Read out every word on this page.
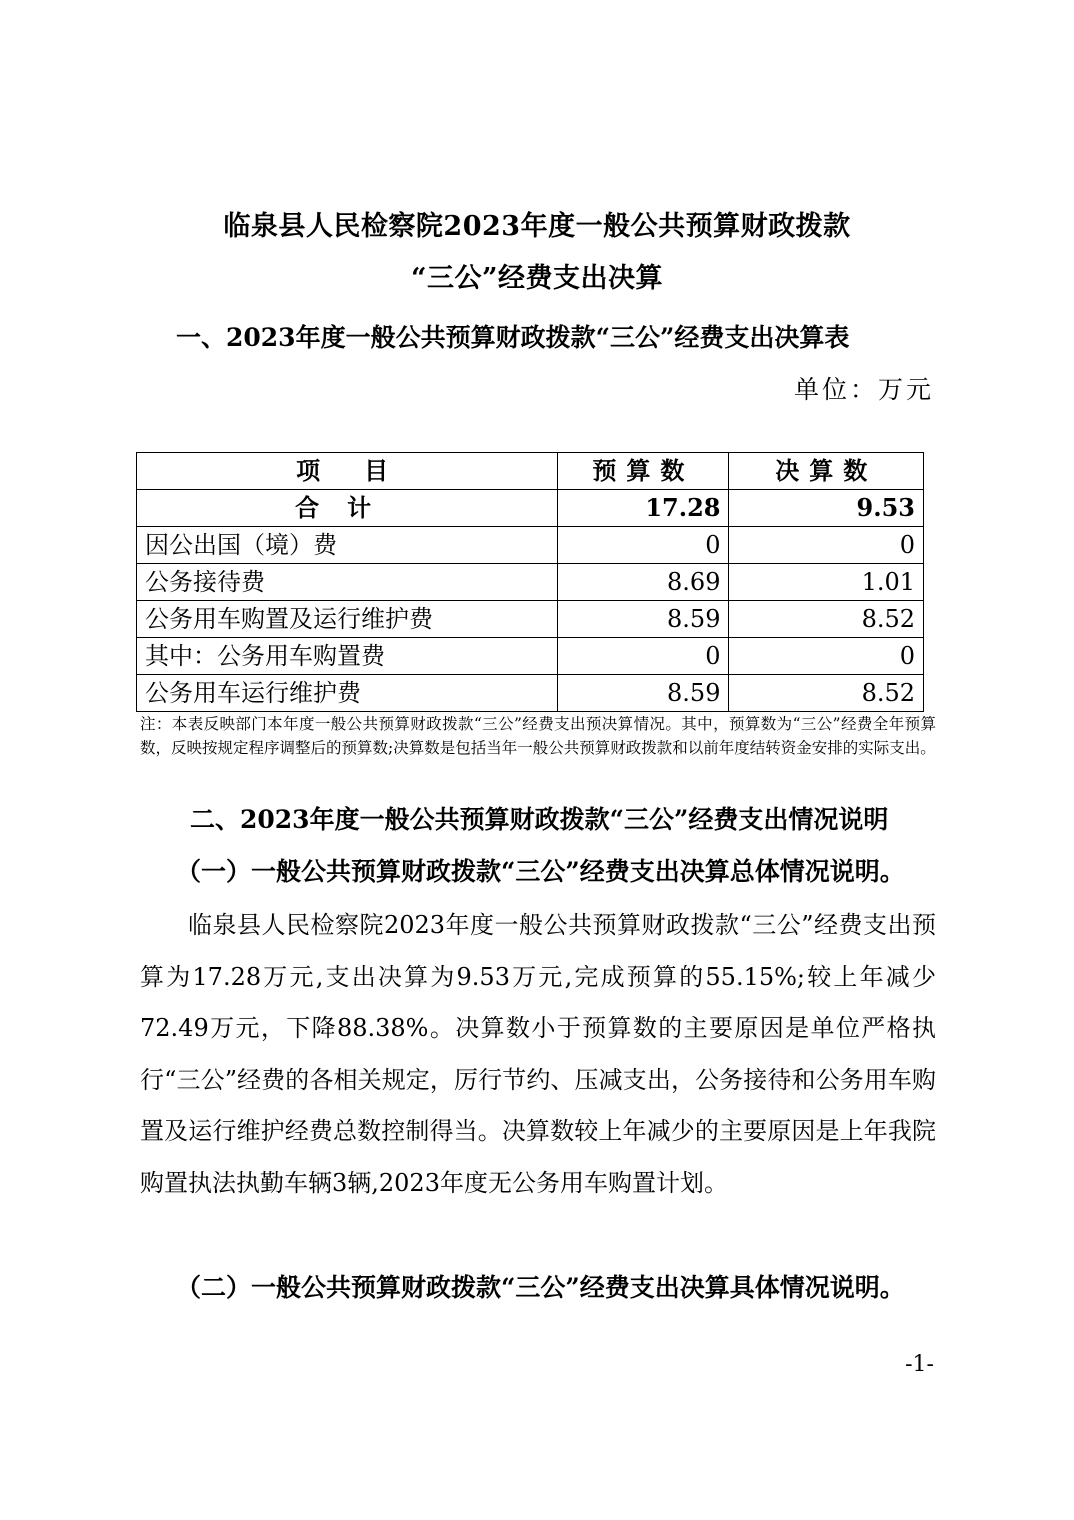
临泉县人民检察院2023年度一般公共预算财政拨款
“三公”经费支出决算
一、2023年度一般公共预算财政拨款“三公”经费支出决算表
单位：万元
项　目	预算数	决算数
合计	17.28	9.53
因公出国（境）费	0	0
公务接待费	8.69	1.01
公务用车购置及运行维护费	8.59	8.52
其中：公务用车购置费	0	0
公务用车运行维护费	8.59	8.52
注：本表反映部门本年度一般公共预算财政拨款“三公”经费支出预决算情况。其中，预算数为“三公”经费全年预算数，反映按规定程序调整后的预算数;决算数是包括当年一般公共预算财政拨款和以前年度结转资金安排的实际支出。
二、2023年度一般公共预算财政拨款“三公”经费支出情况说明
（一）一般公共预算财政拨款“三公”经费支出决算总体情况说明。

临泉县人民检察院2023年度一般公共预算财政拨款“三公”经费支出预算为17.28万元,支出决算为9.53万元,完成预算的55.15%;较上年减少72.49万元，下降88.38%。决算数小于预算数的主要原因是单位严格执行“三公”经费的各相关规定，厉行节约、压减支出，公务接待和公务用车购置及运行维护经费总数控制得当。决算数较上年减少的主要原因是上年我院购置执法执勤车辆3辆,2023年度无公务用车购置计划。

（二）一般公共预算财政拨款“三公”经费支出决算具体情况说明。
-1-
